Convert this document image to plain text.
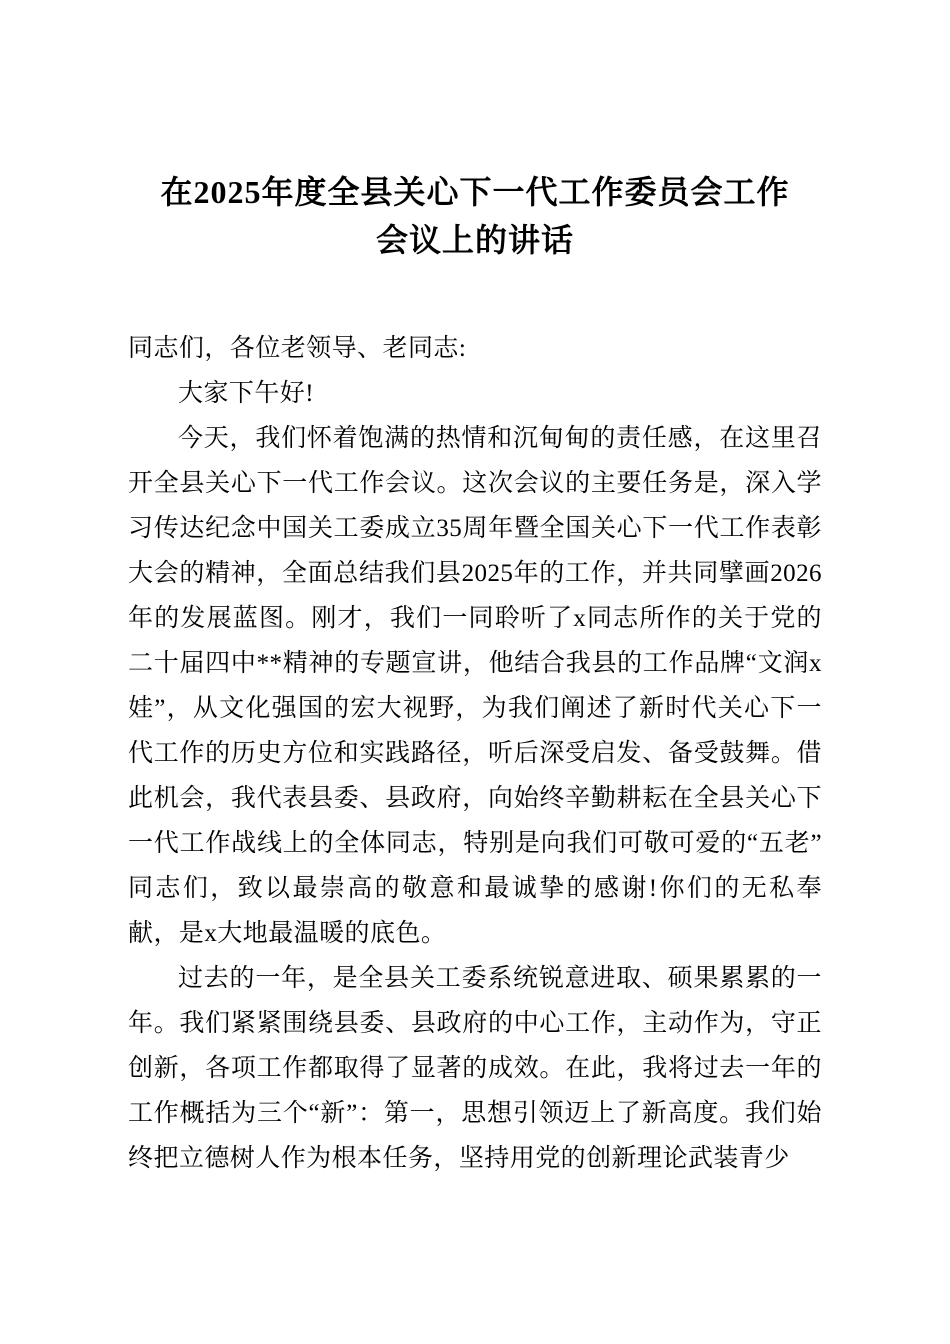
在2025年度全县关心下一代工作委员会工作
会议上的讲话

同志们，各位老领导、老同志:

大家下午好!

今天，我们怀着饱满的热情和沉甸甸的责任感，在这里召开全县关心下一代工作会议。这次会议的主要任务是，深入学习传达纪念中国关工委成立35周年暨全国关心下一代工作表彰大会的精神，全面总结我们县2025年的工作，并共同擘画2026年的发展蓝图。刚才，我们一同聆听了x同志所作的关于党的二十届四中**精神的专题宣讲，他结合我县的工作品牌“文润x娃”，从文化强国的宏大视野，为我们阐述了新时代关心下一代工作的历史方位和实践路径，听后深受启发、备受鼓舞。借此机会，我代表县委、县政府，向始终辛勤耕耘在全县关心下一代工作战线上的全体同志，特别是向我们可敬可爱的“五老”同志们，致以最崇高的敬意和最诚挚的感谢!你们的无私奉献，是x大地最温暖的底色。

过去的一年，是全县关工委系统锐意进取、硕果累累的一年。我们紧紧围绕县委、县政府的中心工作，主动作为，守正创新，各项工作都取得了显著的成效。在此，我将过去一年的工作概括为三个“新”：第一，思想引领迈上了新高度。我们始终把立德树人作为根本任务，坚持用党的创新理论武装青少
